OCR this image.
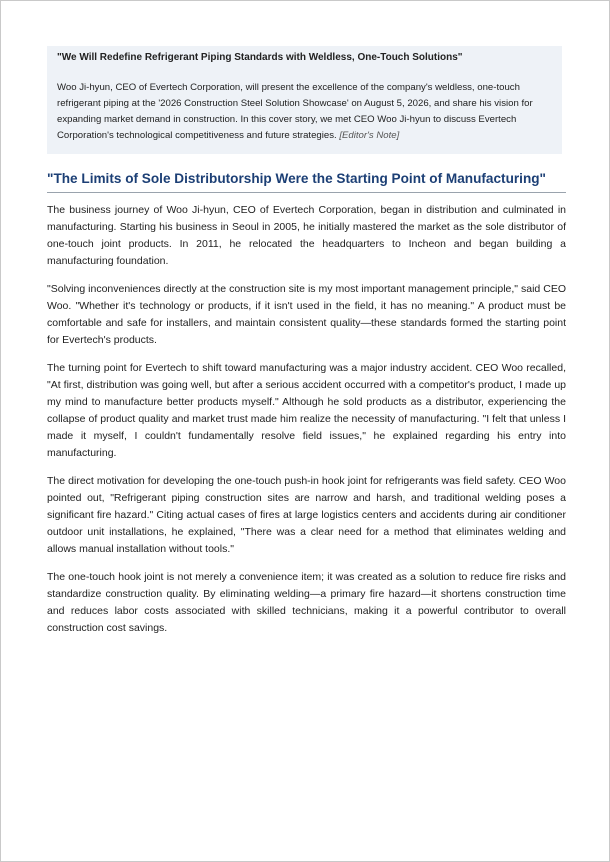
"We Will Redefine Refrigerant Piping Standards with Weldless, One-Touch Solutions"
Woo Ji-hyun, CEO of Evertech Corporation, will present the excellence of the company's weldless, one-touch refrigerant piping at the '2026 Construction Steel Solution Showcase' on August 5, 2026, and share his vision for expanding market demand in construction. In this cover story, we met CEO Woo Ji-hyun to discuss Evertech Corporation's technological competitiveness and future strategies. [Editor's Note]
"The Limits of Sole Distributorship Were the Starting Point of Manufacturing"

The business journey of Woo Ji-hyun, CEO of Evertech Corporation, began in distribution and culminated in manufacturing. Starting his business in Seoul in 2005, he initially mastered the market as the sole distributor of one-touch joint products. In 2011, he relocated the headquarters to Incheon and began building a manufacturing foundation.

"Solving inconveniences directly at the construction site is my most important management principle," said CEO Woo. "Whether it's technology or products, if it isn't used in the field, it has no meaning." A product must be comfortable and safe for installers, and maintain consistent quality—these standards formed the starting point for Evertech's products.

The turning point for Evertech to shift toward manufacturing was a major industry accident. CEO Woo recalled, "At first, distribution was going well, but after a serious accident occurred with a competitor's product, I made up my mind to manufacture better products myself." Although he sold products as a distributor, experiencing the collapse of product quality and market trust made him realize the necessity of manufacturing. "I felt that unless I made it myself, I couldn't fundamentally resolve field issues," he explained regarding his entry into manufacturing.

The direct motivation for developing the one-touch push-in hook joint for refrigerants was field safety. CEO Woo pointed out, "Refrigerant piping construction sites are narrow and harsh, and traditional welding poses a significant fire hazard." Citing actual cases of fires at large logistics centers and accidents during air conditioner outdoor unit installations, he explained, "There was a clear need for a method that eliminates welding and allows manual installation without tools."

The one-touch hook joint is not merely a convenience item; it was created as a solution to reduce fire risks and standardize construction quality. By eliminating welding—a primary fire hazard—it shortens construction time and reduces labor costs associated with skilled technicians, making it a powerful contributor to overall construction cost savings.
